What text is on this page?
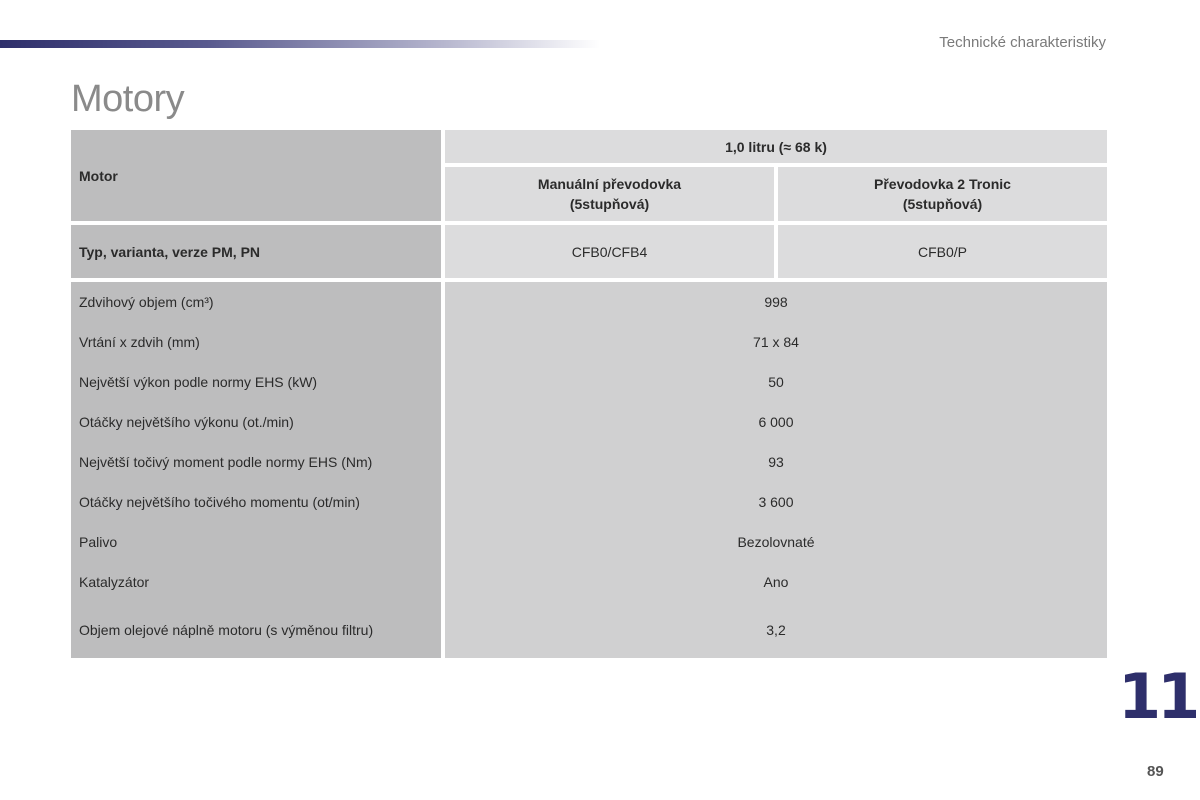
Technické charakteristiky
Motory
Motor
1,0 litru (≈ 68 k)
Manuální převodovka
(5stupňová)
Převodovka 2 Tronic
(5stupňová)
Typ, varianta, verze PM, PN	CFB0/CFB4	CFB0/P
Zdvihový objem (cm³)
Vrtání x zdvih (mm)
Největší výkon podle normy EHS (kW)
Otáčky největšího výkonu (ot./min)
Největší točivý moment podle normy EHS (Nm)
Otáčky největšího točivého momentu (ot/min)
Palivo
Katalyzátor
Objem olejové náplně motoru (s výměnou filtru)
998
71 x 84
50
6 000
93
3 600
Bezolovnaté
Ano
3,2
11
89
